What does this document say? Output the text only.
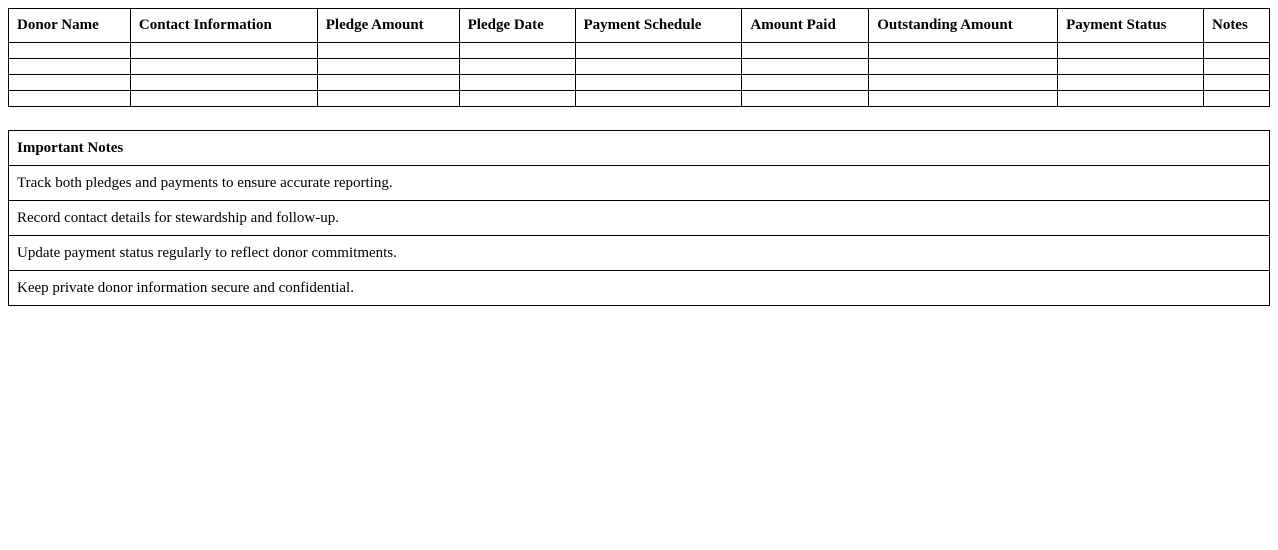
Donor Name	Contact Information	Pledge Amount	Pledge Date	Payment Schedule	Amount Paid	Outstanding Amount	Payment Status	Notes

Important Notes
Track both pledges and payments to ensure accurate reporting.
Record contact details for stewardship and follow-up.
Update payment status regularly to reflect donor commitments.
Keep private donor information secure and confidential.
